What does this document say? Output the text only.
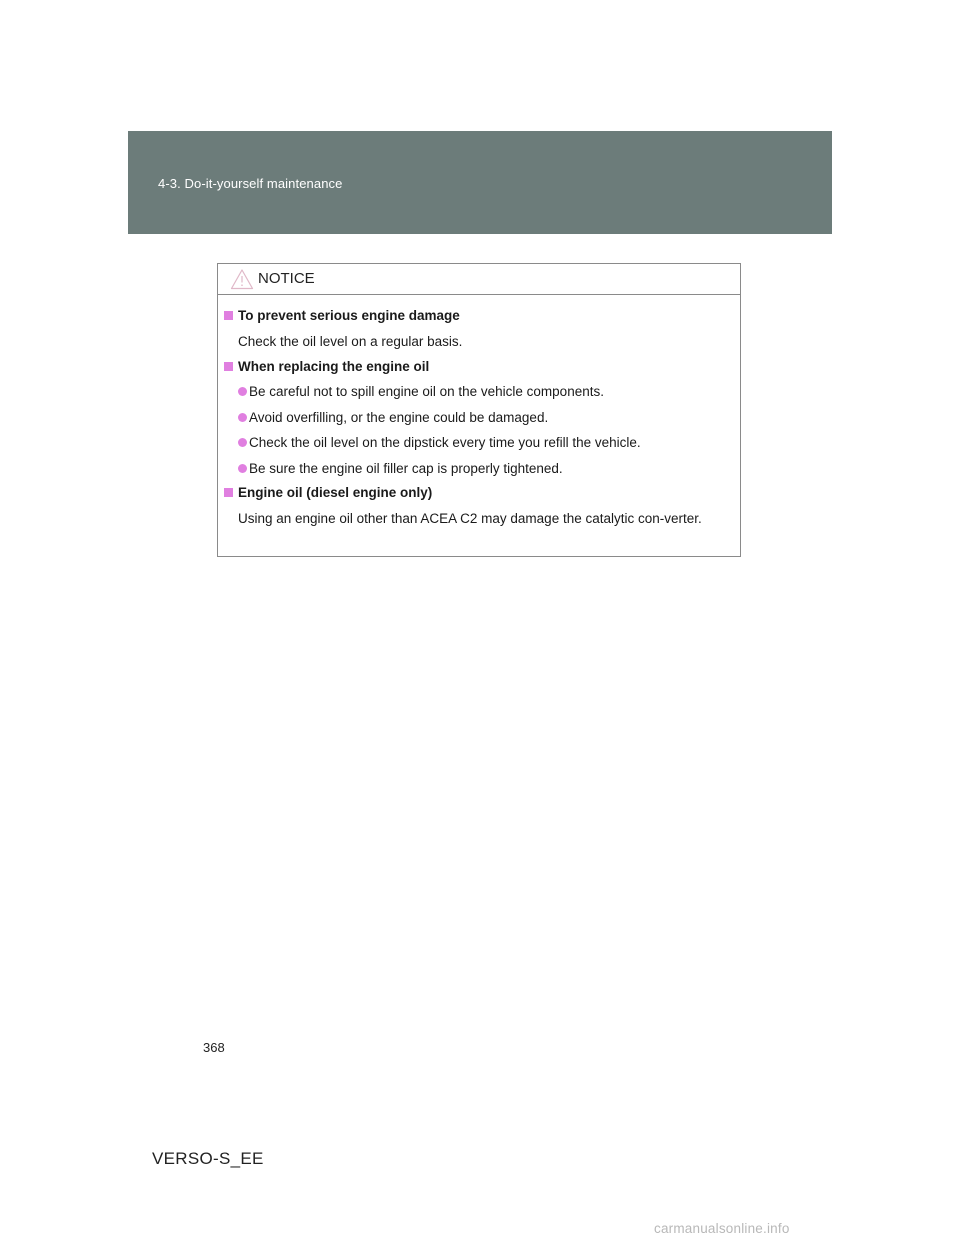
4-3. Do-it-yourself maintenance
NOTICE
To prevent serious engine damage
Check the oil level on a regular basis.
When replacing the engine oil
Be careful not to spill engine oil on the vehicle components.
Avoid overfilling, or the engine could be damaged.
Check the oil level on the dipstick every time you refill the vehicle.
Be sure the engine oil filler cap is properly tightened.
Engine oil (diesel engine only)
Using an engine oil other than ACEA C2 may damage the catalytic con-verter.
368
VERSO-S_EE
carmanualsonline.info
